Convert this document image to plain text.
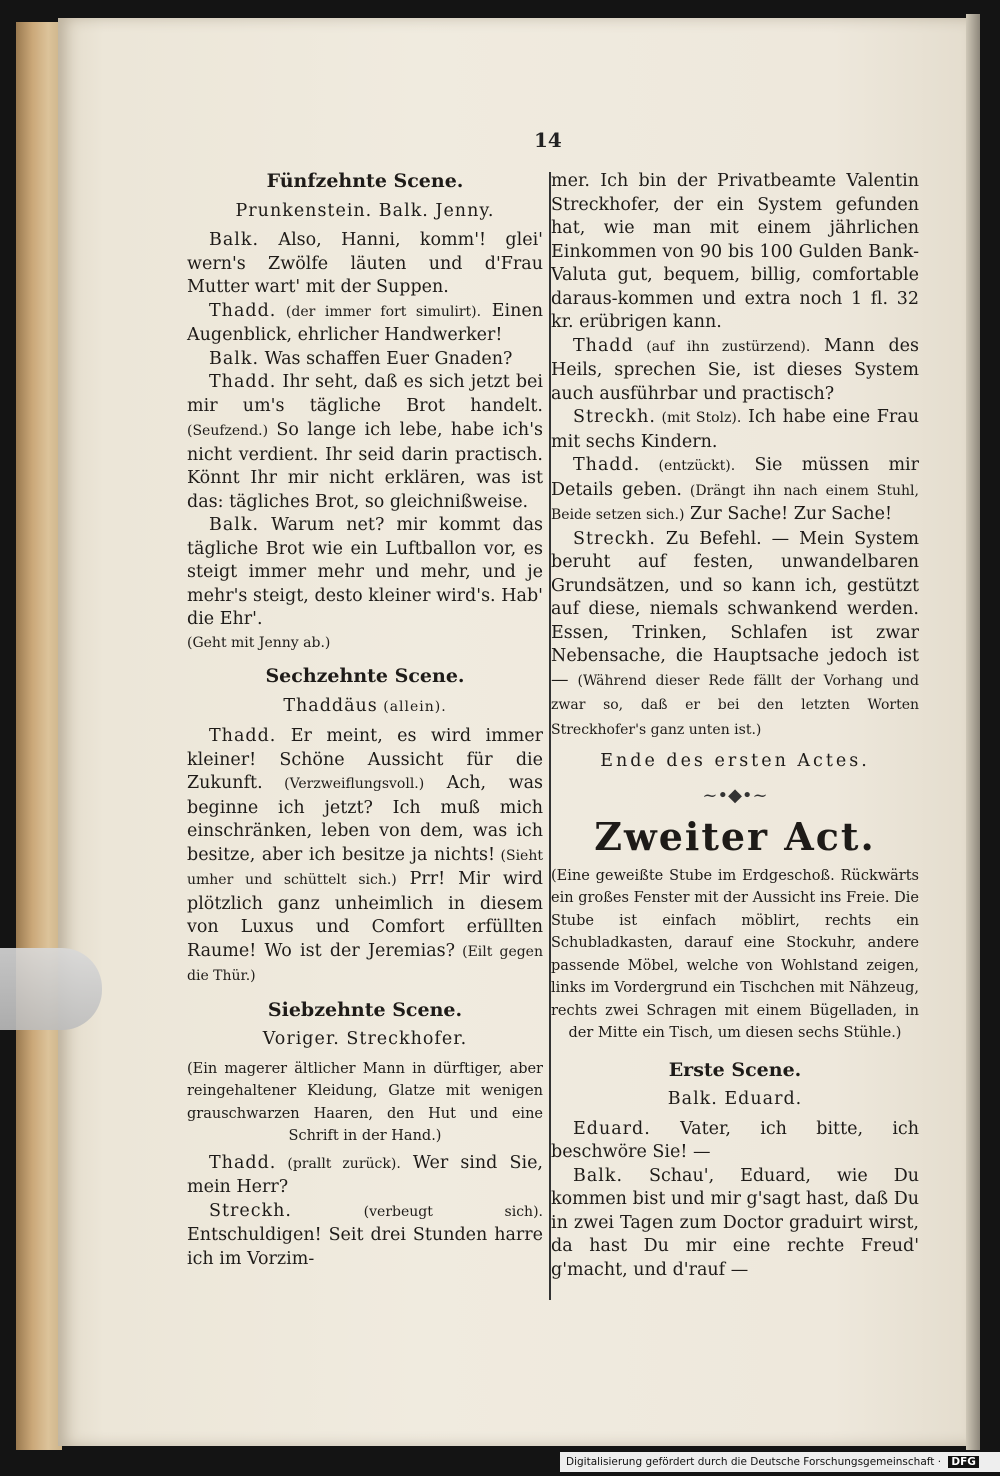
14
Fünfzehnte Scene.
Prunkenstein. Balk. Jenny.

Balk. Also, Hanni, komm'! glei' wern's Zwölfe läuten und d'Frau Mutter wart' mit der Suppen.

Thadd. (der immer fort simulirt). Einen Augenblick, ehrlicher Handwerker!

Balk. Was schaffen Euer Gnaden?

Thadd. Ihr seht, daß es sich jetzt bei mir um's tägliche Brot handelt. (Seufzend.) So lange ich lebe, habe ich's nicht verdient. Ihr seid darin practisch. Könnt Ihr mir nicht erklären, was ist das: tägliches Brot, so gleichnißweise.

Balk. Warum net? mir kommt das tägliche Brot wie ein Luftballon vor, es steigt immer mehr und mehr, und je mehr's steigt, desto kleiner wird's. Hab' die Ehr'.

(Geht mit Jenny ab.)

Sechzehnte Scene.
Thaddäus (allein).

Thadd. Er meint, es wird immer kleiner! Schöne Aussicht für die Zukunft. (Verzweiflungsvoll.) Ach, was beginne ich jetzt? Ich muß mich einschränken, leben von dem, was ich besitze, aber ich besitze ja nichts! (Sieht umher und schüttelt sich.) Prr! Mir wird plötzlich ganz unheimlich in diesem von Luxus und Comfort erfüllten Raume! Wo ist der Jeremias? (Eilt gegen die Thür.)

Siebzehnte Scene.
Voriger. Streckhofer.
(Ein magerer ältlicher Mann in dürftiger, aber reingehaltener Kleidung, Glatze mit wenigen grauschwarzen Haaren, den Hut und eine Schrift in der Hand.)

Thadd. (prallt zurück). Wer sind Sie, mein Herr?

Streckh. (verbeugt sich). Entschuldigen! Seit drei Stunden harre ich im Vorzim-

mer. Ich bin der Privatbeamte Valentin Streckhofer, der ein System gefunden hat, wie man mit einem jährlichen Einkommen von 90 bis 100 Gulden Bank-Valuta gut, bequem, billig, comfortable daraus-kommen und extra noch 1 fl. 32 kr. erübrigen kann.

Thadd (auf ihn zustürzend). Mann des Heils, sprechen Sie, ist dieses System auch ausführbar und practisch?

Streckh. (mit Stolz). Ich habe eine Frau mit sechs Kindern.

Thadd. (entzückt). Sie müssen mir Details geben. (Drängt ihn nach einem Stuhl, Beide setzen sich.) Zur Sache! Zur Sache!

Streckh. Zu Befehl. — Mein System beruht auf festen, unwandelbaren Grundsätzen, und so kann ich, gestützt auf diese, niemals schwankend werden. Essen, Trinken, Schlafen ist zwar Nebensache, die Hauptsache jedoch ist — (Während dieser Rede fällt der Vorhang und zwar so, daß er bei den letzten Worten Streckhofer's ganz unten ist.)

Ende des ersten Actes.
~•◆•~
Zweiter Act.
(Eine geweißte Stube im Erdgeschoß. Rückwärts ein großes Fenster mit der Aussicht ins Freie. Die Stube ist einfach möblirt, rechts ein Schubladkasten, darauf eine Stockuhr, andere passende Möbel, welche von Wohlstand zeigen, links im Vordergrund ein Tischchen mit Nähzeug, rechts zwei Schragen mit einem Bügelladen, in der Mitte ein Tisch, um diesen sechs Stühle.)
Erste Scene.
Balk. Eduard.

Eduard. Vater, ich bitte, ich beschwöre Sie! —

Balk. Schau', Eduard, wie Du kommen bist und mir g'sagt hast, daß Du in zwei Tagen zum Doctor graduirt wirst, da hast Du mir eine rechte Freud' g'macht, und d'rauf —

Digitalisierung gefördert durch die Deutsche Forschungsgemeinschaft · DFG
